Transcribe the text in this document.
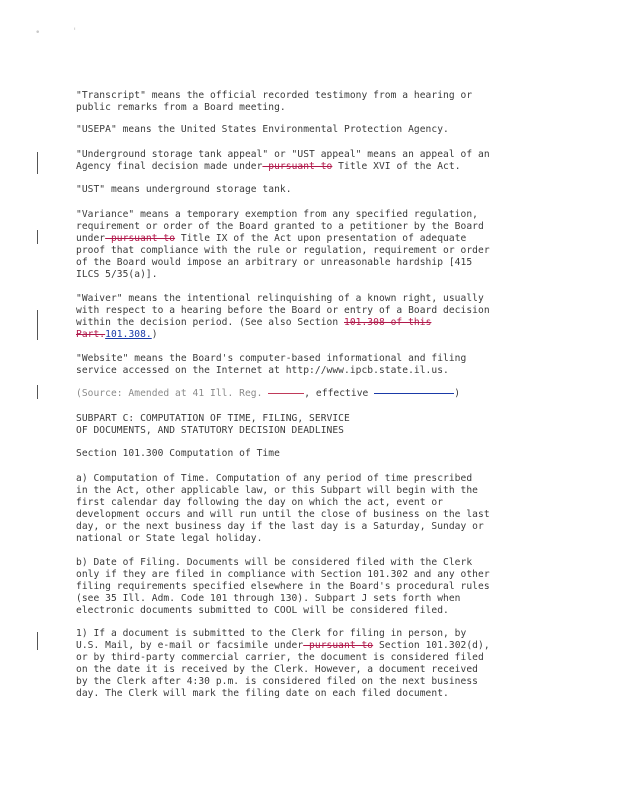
•	'
"Transcript" means the official recorded testimony from a hearing or
public remarks from a Board meeting.
"USEPA" means the United States Environmental Protection Agency.
"Underground storage tank appeal" or "UST appeal" means an appeal of an
Agency final decision made under pursuant to Title XVI of the Act.
"UST" means underground storage tank.
"Variance" means a temporary exemption from any specified regulation,
requirement or order of the Board granted to a petitioner by the Board
under pursuant to Title IX of the Act upon presentation of adequate
proof that compliance with the rule or regulation, requirement or order
of the Board would impose an arbitrary or unreasonable hardship [415
ILCS 5/35(a)].
"Waiver" means the intentional relinquishing of a known right, usually
with respect to a hearing before the Board or entry of a Board decision
within the decision period. (See also Section 101.308 of this
Part.101.308.)
"Website" means the Board's computer-based informational and filing
service accessed on the Internet at http://www.ipcb.state.il.us.
(Source: Amended at 41 Ill. Reg.	, effective	)
SUBPART C: COMPUTATION OF TIME, FILING, SERVICE
OF DOCUMENTS, AND STATUTORY DECISION DEADLINES
Section 101.300 Computation of Time
a) Computation of Time. Computation of any period of time prescribed
in the Act, other applicable law, or this Subpart will begin with the
first calendar day following the day on which the act, event or
development occurs and will run until the close of business on the last
day, or the next business day if the last day is a Saturday, Sunday or
national or State legal holiday.
b) Date of Filing. Documents will be considered filed with the Clerk
only if they are filed in compliance with Section 101.302 and any other
filing requirements specified elsewhere in the Board's procedural rules
(see 35 Ill. Adm. Code 101 through 130). Subpart J sets forth when
electronic documents submitted to COOL will be considered filed.
1) If a document is submitted to the Clerk for filing in person, by
U.S. Mail, by e-mail or facsimile under pursuant to Section 101.302(d),
or by third-party commercial carrier, the document is considered filed
on the date it is received by the Clerk. However, a document received
by the Clerk after 4:30 p.m. is considered filed on the next business
day. The Clerk will mark the filing date on each filed document.
